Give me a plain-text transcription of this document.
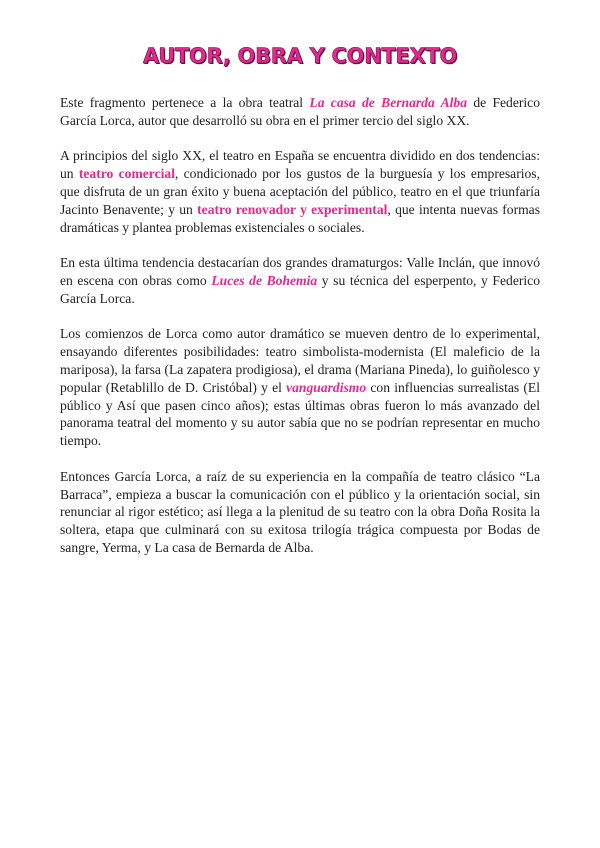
AUTOR, OBRA Y CONTEXTO

Este fragmento pertenece a la obra teatral La casa de Bernarda Alba de Federico García Lorca, autor que desarrolló su obra en el primer tercio del siglo XX.

A principios del siglo XX, el teatro en España se encuentra dividido en dos tendencias: un teatro comercial, condicionado por los gustos de la burguesía y los empresarios, que disfruta de un gran éxito y buena aceptación del público, teatro en el que triunfaría Jacinto Benavente; y un teatro renovador y experimental, que intenta nuevas formas dramáticas y plantea problemas existenciales o sociales.

En esta última tendencia destacarían dos grandes dramaturgos: Valle Inclán, que innovó en escena con obras como Luces de Bohemia y su técnica del esperpento, y Federico García Lorca.

Los comienzos de Lorca como autor dramático se mueven dentro de lo experimental, ensayando diferentes posibilidades: teatro simbolista-modernista (El maleficio de la mariposa), la farsa (La zapatera prodigiosa), el drama (Mariana Pineda), lo guiñolesco y popular (Retablillo de D. Cristóbal) y el vanguardismo con influencias surrealistas (El público y Así que pasen cinco años); estas últimas obras fueron lo más avanzado del panorama teatral del momento y su autor sabía que no se podrían representar en mucho tiempo.

Entonces García Lorca, a raíz de su experiencia en la compañía de teatro clásico “La Barraca”, empieza a buscar la comunicación con el público y la orientación social, sin renunciar al rigor estético; así llega a la plenitud de su teatro con la obra Doña Rosita la soltera, etapa que culminará con su exitosa trilogía trágica compuesta por Bodas de sangre, Yerma, y La casa de Bernarda de Alba.
